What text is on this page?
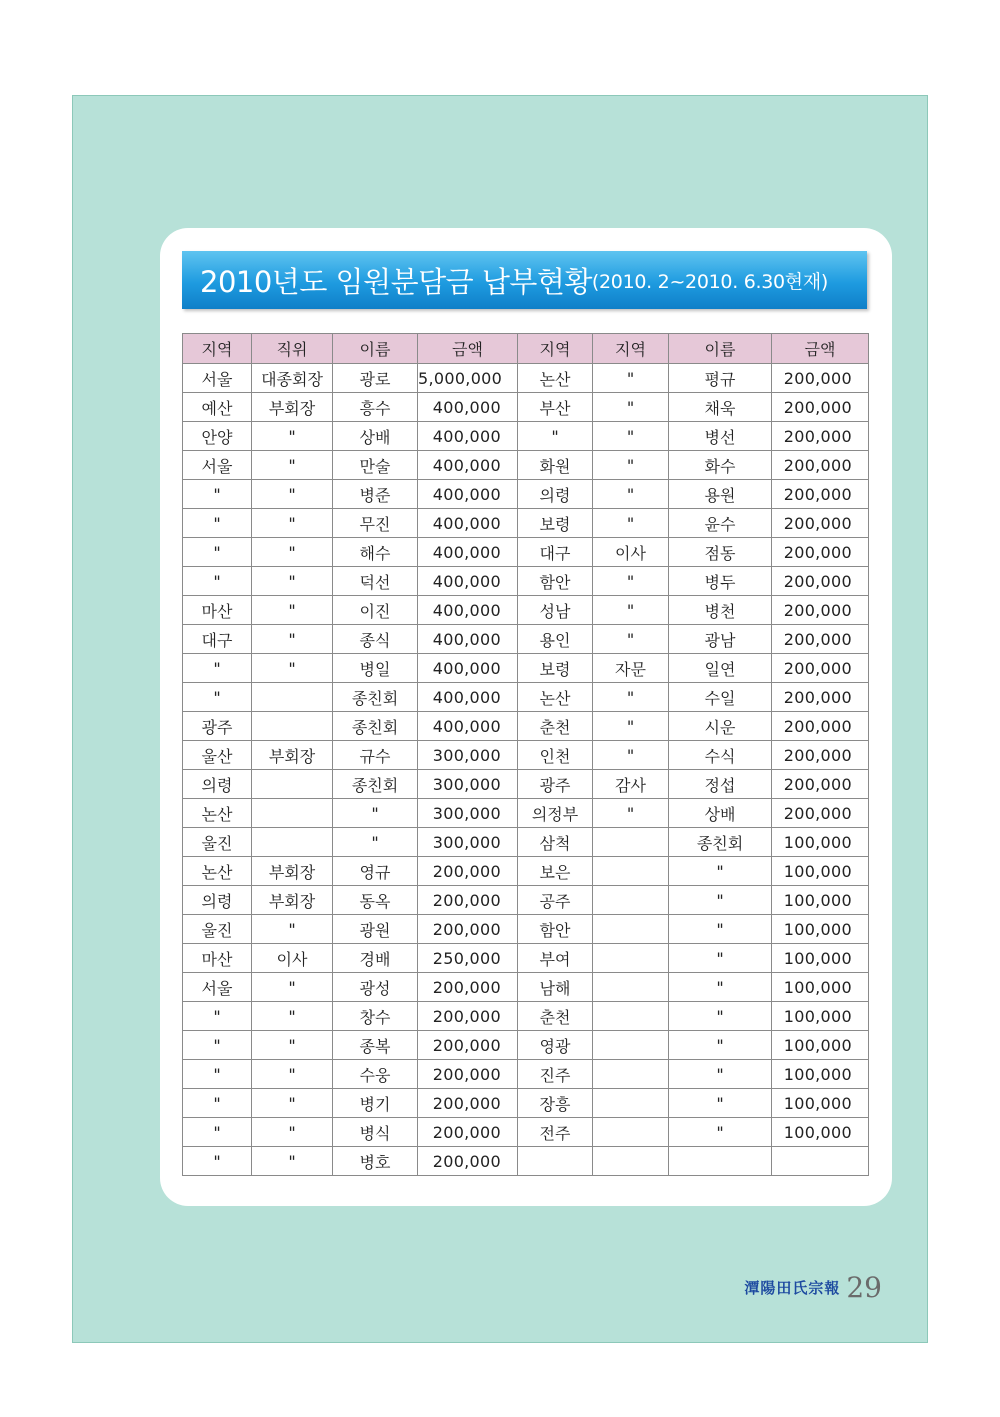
2010년도 임원분담금 납부현황 (2010. 2~2010. 6.30현재)
지역	직위	이름	금액	지역	지역	이름	금액
서울	대종회장	광로	5,000,000	논산	"	평규	200,000
예산	부회장	흥수	400,000	부산	"	채욱	200,000
안양	"	상배	400,000	"	"	병선	200,000
서울	"	만술	400,000	화원	"	화수	200,000
"	"	병준	400,000	의령	"	용원	200,000
"	"	무진	400,000	보령	"	윤수	200,000
"	"	해수	400,000	대구	이사	점동	200,000
"	"	덕선	400,000	함안	"	병두	200,000
마산	"	이진	400,000	성남	"	병천	200,000
대구	"	종식	400,000	용인	"	광남	200,000
"	"	병일	400,000	보령	자문	일연	200,000
"		종친회	400,000	논산	"	수일	200,000
광주		종친회	400,000	춘천	"	시운	200,000
울산	부회장	규수	300,000	인천	"	수식	200,000
의령		종친회	300,000	광주	감사	정섭	200,000
논산		"	300,000	의정부	"	상배	200,000
울진		"	300,000	삼척		종친회	100,000
논산	부회장	영규	200,000	보은		"	100,000
의령	부회장	동옥	200,000	공주		"	100,000
울진	"	광원	200,000	함안		"	100,000
마산	이사	경배	250,000	부여		"	100,000
서울	"	광성	200,000	남해		"	100,000
"	"	창수	200,000	춘천		"	100,000
"	"	종복	200,000	영광		"	100,000
"	"	수웅	200,000	진주		"	100,000
"	"	병기	200,000	장흥		"	100,000
"	"	병식	200,000	전주		"	100,000
"	"	병호	200,000				
潭陽田氏宗報 29
